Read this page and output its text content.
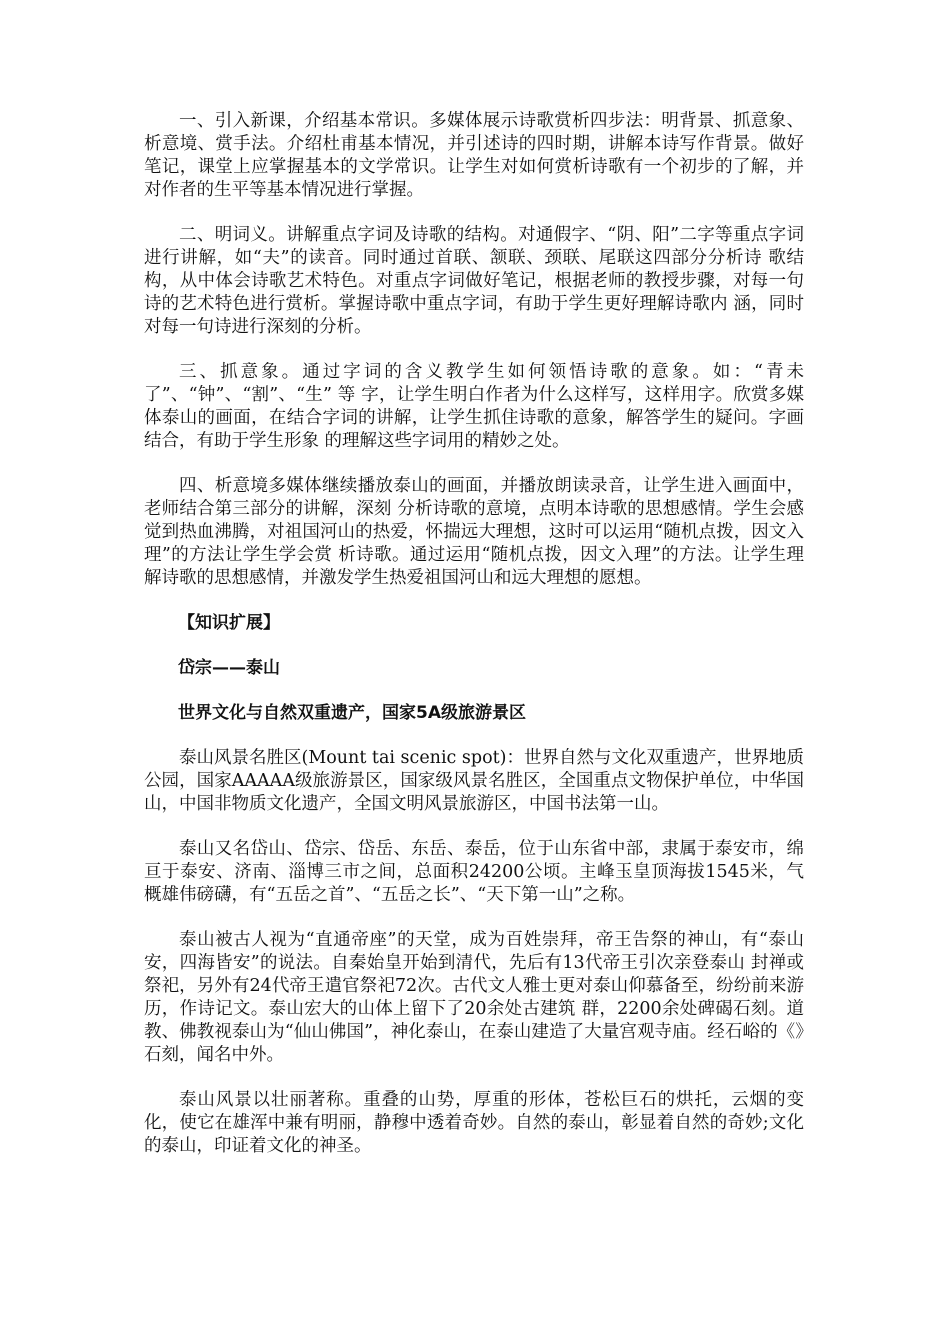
一、引入新课，介绍基本常识。多媒体展示诗歌赏析四步法：明背景、抓意象、析意境、赏手法。介绍杜甫基本情况，并引述诗的四时期，讲解本诗写作背景。做好笔记，课堂上应掌握基本的文学常识。让学生对如何赏析诗歌有一个初步的了解，并对作者的生平等基本情况进行掌握。

二、明词义。讲解重点字词及诗歌的结构。对通假字、“阴、阳”二字等重点字词进行讲解，如“夫”的读音。同时通过首联、颔联、颈联、尾联这四部分分析诗 歌结构，从中体会诗歌艺术特色。对重点字词做好笔记，根据老师的教授步骤，对每一句诗的艺术特色进行赏析。掌握诗歌中重点字词，有助于学生更好理解诗歌内 涵，同时对每一句诗进行深刻的分析。

三、抓意象。通过字词的含义教学生如何领悟诗歌的意象。如：“青未了”、“钟”、“割”、“生” 等 字，让学生明白作者为什么这样写，这样用字。欣赏多媒体泰山的画面，在结合字词的讲解，让学生抓住诗歌的意象，解答学生的疑问。字画结合，有助于学生形象 的理解这些字词用的精妙之处。

四、析意境多媒体继续播放泰山的画面，并播放朗读录音，让学生进入画面中，老师结合第三部分的讲解，深刻 分析诗歌的意境，点明本诗歌的思想感情。学生会感觉到热血沸腾，对祖国河山的热爱，怀揣远大理想，这时可以运用“随机点拨，因文入理”的方法让学生学会赏 析诗歌。通过运用“随机点拨，因文入理”的方法。让学生理解诗歌的思想感情，并激发学生热爱祖国河山和远大理想的愿想。

【知识扩展】
岱宗——泰山
世界文化与自然双重遗产，国家5A级旅游景区

泰山风景名胜区(Mount tai scenic spot)：世界自然与文化双重遗产，世界地质公园，国家AAAAA级旅游景区，国家级风景名胜区，全国重点文物保护单位，中华国山，中国非物质文化遗产，全国文明风景旅游区，中国书法第一山。

泰山又名岱山、岱宗、岱岳、东岳、泰岳，位于山东省中部，隶属于泰安市，绵亘于泰安、济南、淄博三市之间，总面积24200公顷。主峰玉皇顶海拔1545米，气概雄伟磅礴，有“五岳之首”、“五岳之长”、“天下第一山”之称。

泰山被古人视为“直通帝座”的天堂，成为百姓崇拜，帝王告祭的神山，有“泰山安，四海皆安”的说法。自秦始皇开始到清代，先后有13代帝王引次亲登泰山 封禅或祭祀，另外有24代帝王遣官祭祀72次。古代文人雅士更对泰山仰慕备至，纷纷前来游历，作诗记文。泰山宏大的山体上留下了20余处古建筑 群，2200余处碑碣石刻。道教、佛教视泰山为“仙山佛国”，神化泰山，在泰山建造了大量宫观寺庙。经石峪的《》石刻，闻名中外。

泰山风景以壮丽著称。重叠的山势，厚重的形体，苍松巨石的烘托，云烟的变化，使它在雄浑中兼有明丽，静穆中透着奇妙。自然的泰山，彰显着自然的奇妙;文化的泰山，印证着文化的神圣。
